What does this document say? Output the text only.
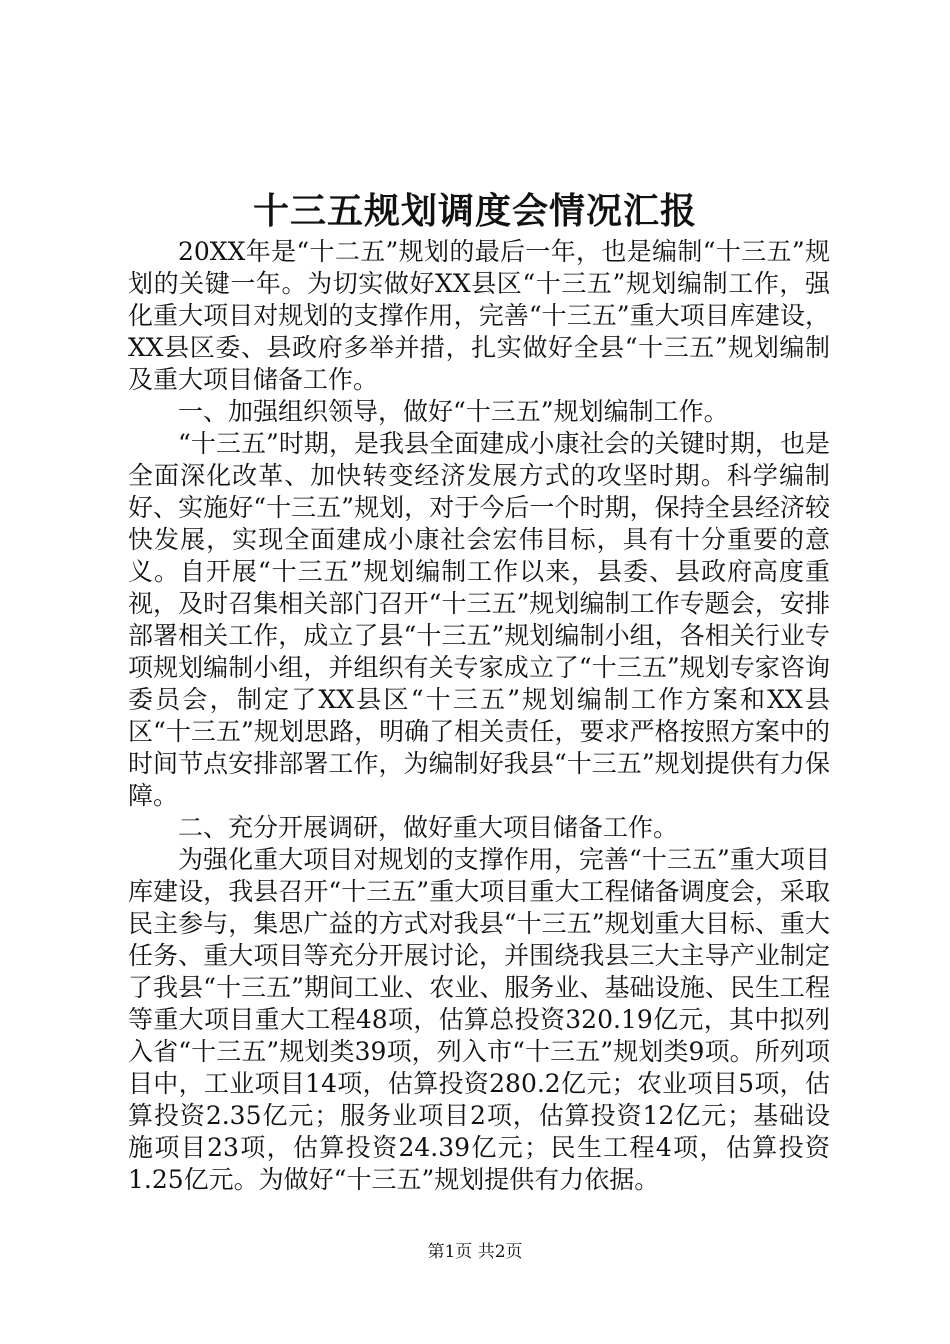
十三五规划调度会情况汇报

20XX年是“十二五”规划的最后一年，也是编制“十三五”规划的关键一年。为切实做好XX县区“十三五”规划编制工作，强化重大项目对规划的支撑作用，完善“十三五”重大项目库建设，XX县区委、县政府多举并措，扎实做好全县“十三五”规划编制及重大项目储备工作。

一、加强组织领导，做好“十三五”规划编制工作。

“十三五”时期，是我县全面建成小康社会的关键时期，也是全面深化改革、加快转变经济发展方式的攻坚时期。科学编制好、实施好“十三五”规划，对于今后一个时期，保持全县经济较快发展，实现全面建成小康社会宏伟目标，具有十分重要的意义。自开展“十三五”规划编制工作以来，县委、县政府高度重视，及时召集相关部门召开“十三五”规划编制工作专题会，安排部署相关工作，成立了县“十三五”规划编制小组，各相关行业专项规划编制小组，并组织有关专家成立了“十三五”规划专家咨询委员会，制定了XX县区“十三五”规划编制工作方案和XX县区“十三五”规划思路，明确了相关责任，要求严格按照方案中的时间节点安排部署工作，为编制好我县“十三五”规划提供有力保障。

二、充分开展调研，做好重大项目储备工作。

为强化重大项目对规划的支撑作用，完善“十三五”重大项目库建设，我县召开“十三五”重大项目重大工程储备调度会，采取民主参与，集思广益的方式对我县“十三五”规划重大目标、重大任务、重大项目等充分开展讨论，并围绕我县三大主导产业制定了我县“十三五”期间工业、农业、服务业、基础设施、民生工程等重大项目重大工程48项，估算总投资320.19亿元，其中拟列入省“十三五”规划类39项，列入市“十三五”规划类9项。所列项目中，工业项目14项，估算投资280.2亿元；农业项目5项，估算投资2.35亿元；服务业项目2项，估算投资12亿元；基础设施项目23项，估算投资24.39亿元；民生工程4项，估算投资1.25亿元。为做好“十三五”规划提供有力依据。

第1页 共2页
